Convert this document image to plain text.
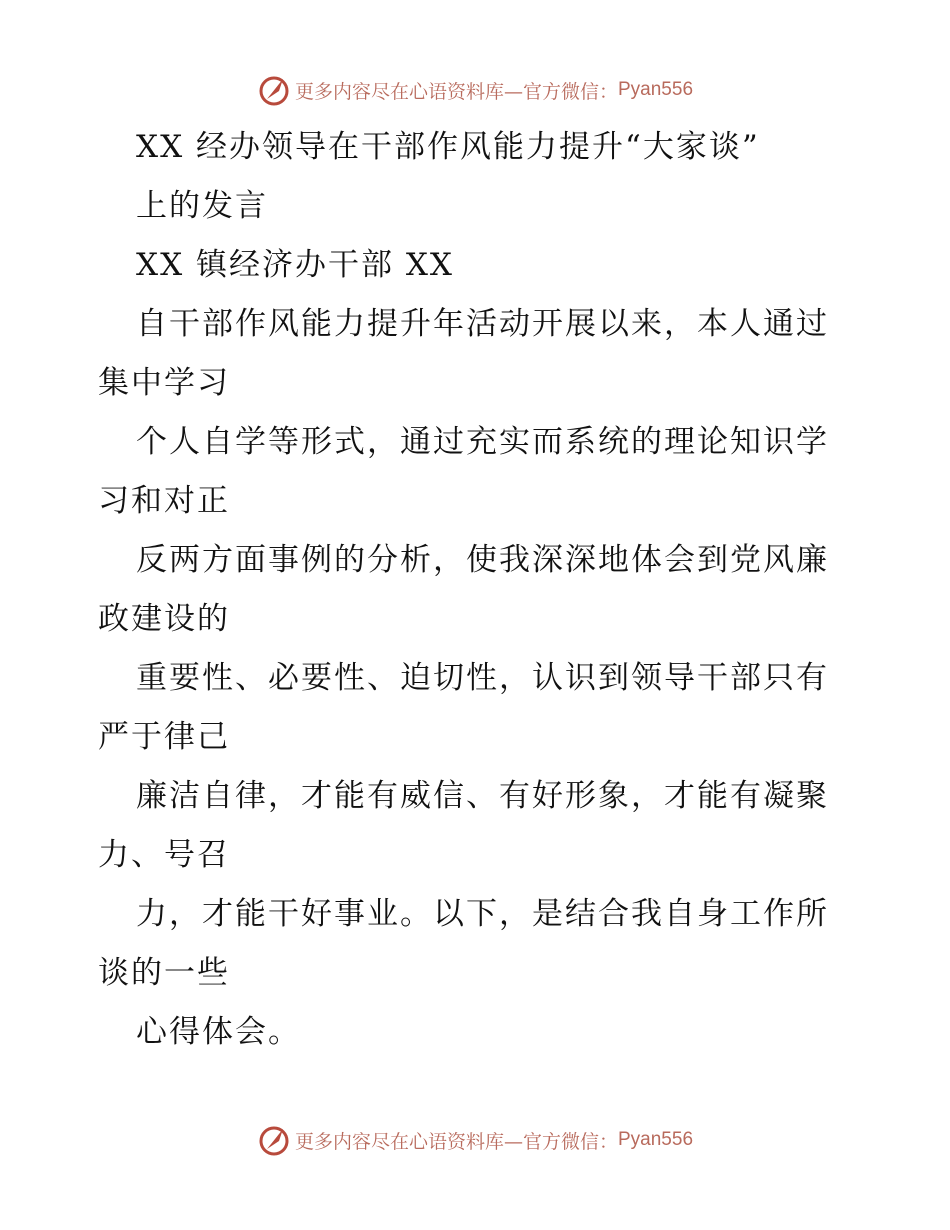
更多内容尽在心语资料库—官方微信： Pyan556
XX 经办领导在干部作风能力提升“大家谈”
上的发言
XX 镇经济办干部 XX
自干部作风能力提升年活动开展以来，本人通过
集中学习
个人自学等形式，通过充实而系统的理论知识学
习和对正
反两方面事例的分析，使我深深地体会到党风廉
政建设的
重要性、必要性、迫切性，认识到领导干部只有
严于律己
廉洁自律，才能有威信、有好形象，才能有凝聚
力、号召
力，才能干好事业。以下，是结合我自身工作所
谈的一些
心得体会。
更多内容尽在心语资料库—官方微信： Pyan556
